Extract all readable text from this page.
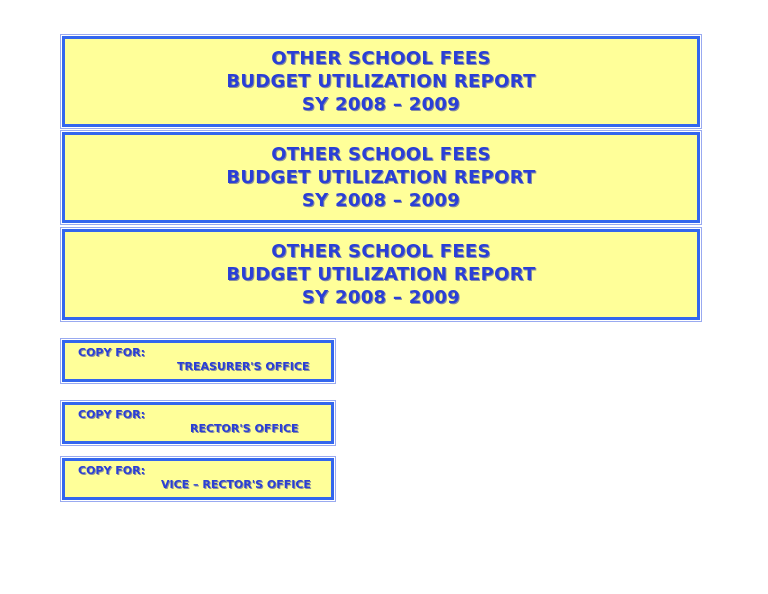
OTHER SCHOOL FEES
BUDGET UTILIZATION REPORT
SY 2008 – 2009
OTHER SCHOOL FEES
BUDGET UTILIZATION REPORT
SY 2008 – 2009
OTHER SCHOOL FEES
BUDGET UTILIZATION REPORT
SY 2008 – 2009
COPY FOR:
TREASURER'S OFFICE
COPY FOR:
RECTOR'S OFFICE
COPY FOR:
VICE – RECTOR'S OFFICE
